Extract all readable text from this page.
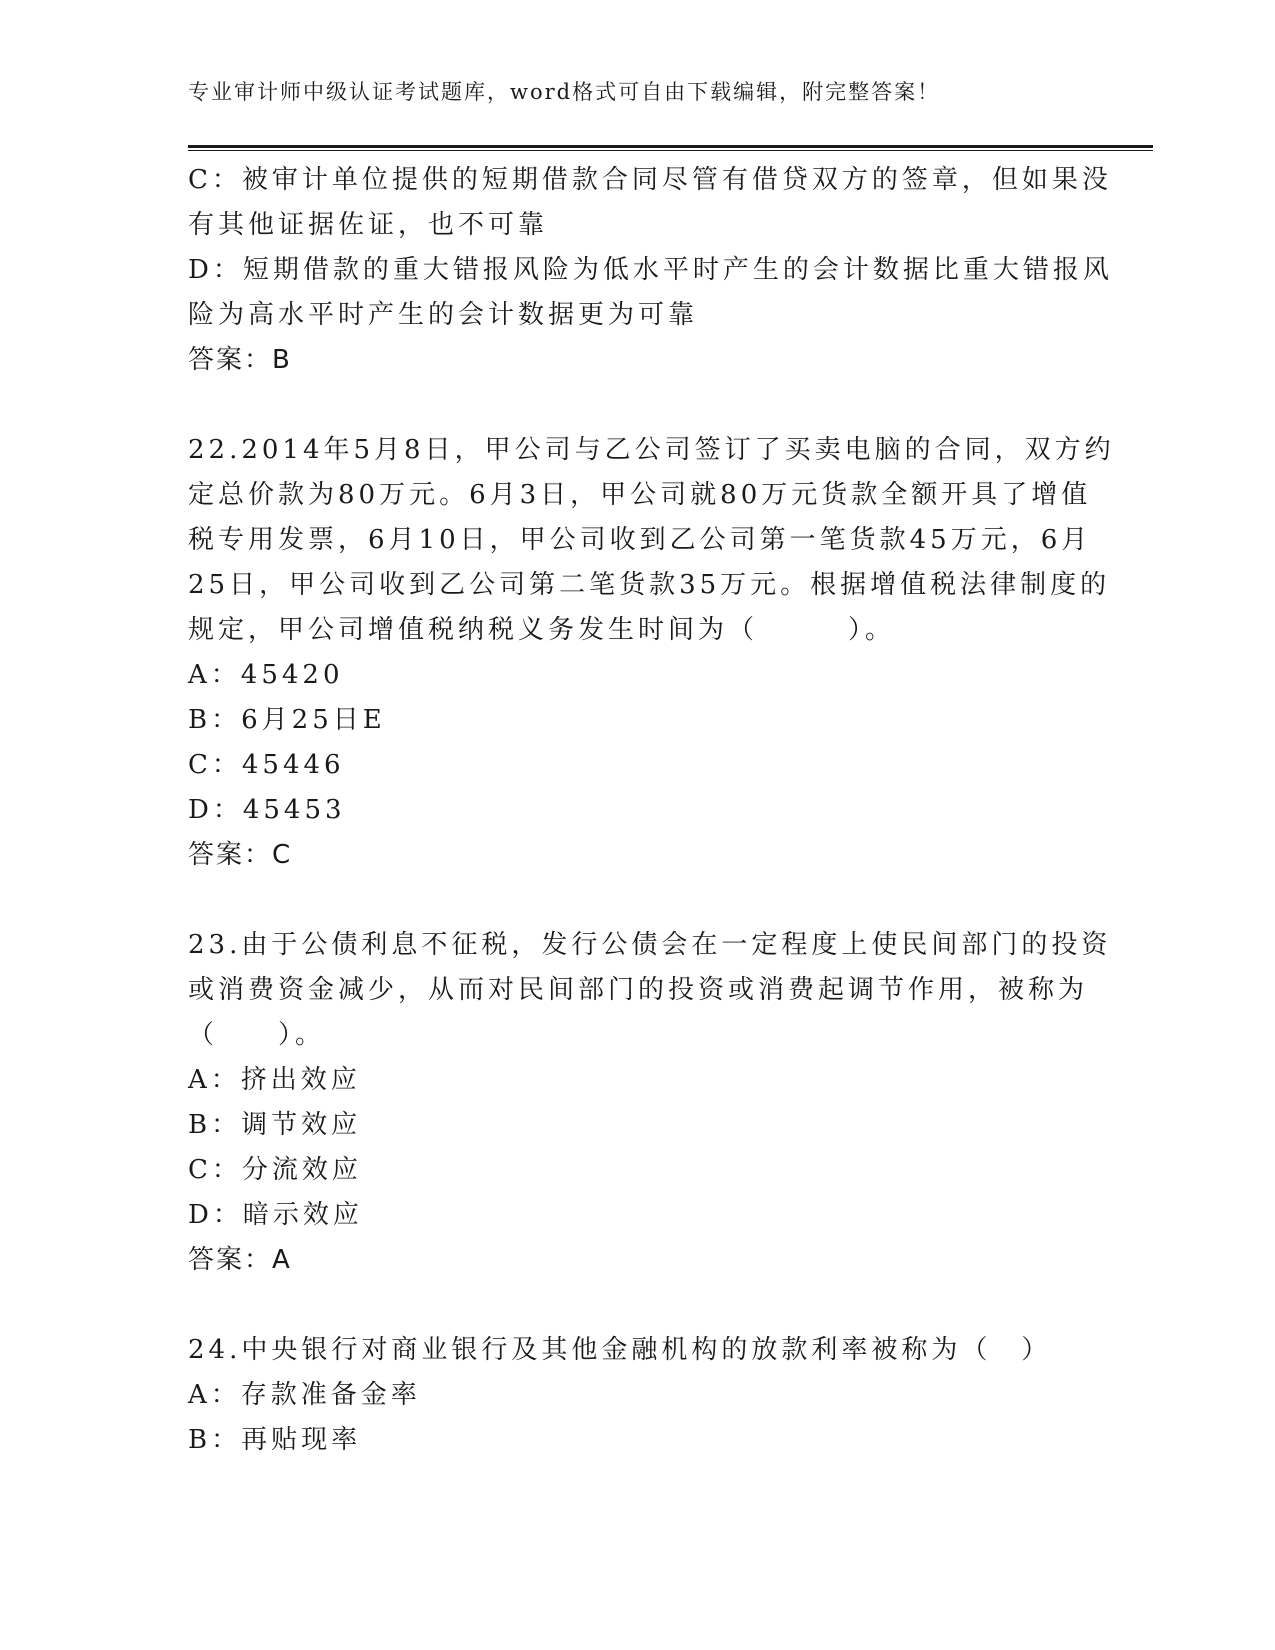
专业审计师中级认证考试题库，word格式可自由下载编辑，附完整答案！
C：被审计单位提供的短期借款合同尽管有借贷双方的签章，但如果没
有其他证据佐证，也不可靠
D：短期借款的重大错报风险为低水平时产生的会计数据比重大错报风
险为高水平时产生的会计数据更为可靠
答案：B
22.2014年5月8日，甲公司与乙公司签订了买卖电脑的合同，双方约
定总价款为80万元。6月3日，甲公司就80万元货款全额开具了增值
税专用发票，6月10日，甲公司收到乙公司第一笔货款45万元，6月
25日，甲公司收到乙公司第二笔货款35万元。根据增值税法律制度的
规定，甲公司增值税纳税义务发生时间为（　　　）。
A：45420
B：6月25日E
C：45446
D：45453
答案：C
23.由于公债利息不征税，发行公债会在一定程度上使民间部门的投资
或消费资金减少，从而对民间部门的投资或消费起调节作用，被称为
（　　）。
A：挤出效应
B：调节效应
C：分流效应
D：暗示效应
答案：A
24.中央银行对商业银行及其他金融机构的放款利率被称为（　）
A：存款准备金率
B：再贴现率
